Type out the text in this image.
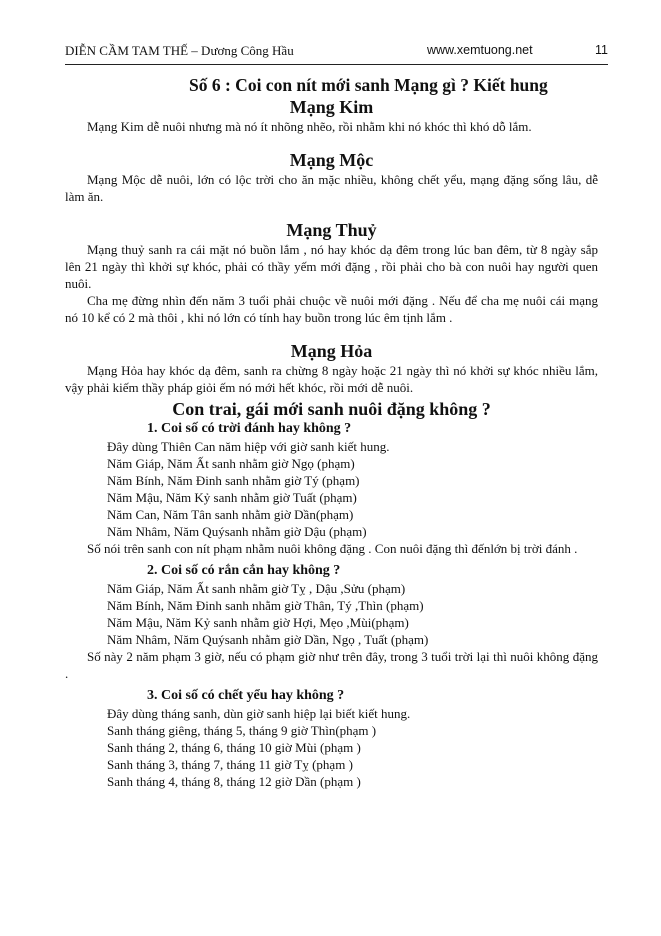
DIỄN CẦM TAM THẾ – Dương Công Hầu	www.xemtuong.net	11
Số 6 : Coi con nít mới sanh Mạng gì ? Kiết hung
Mạng Kim

Mạng Kim dễ nuôi nhưng mà nó ít nhõng nhẽo, rồi nhằm khi nó khóc thì khó dỗ lắm.

Mạng Mộc

Mạng Mộc dễ nuôi, lớn có lộc trời cho ăn mặc nhiều, không chết yểu, mạng đặng sống lâu, dễ làm ăn.

Mạng Thuỷ

Mạng thuỷ sanh ra cái mặt nó buồn lắm , nó hay khóc dạ đêm trong lúc ban đêm, từ 8 ngày sắp lên 21 ngày thì khởi sự khóc, phải có thầy yếm mới đặng , rồi phải cho bà con nuôi hay người quen nuôi.

Cha mẹ đừng nhìn đến năm 3 tuổi phải chuộc về nuôi mới đặng . Nếu để cha mẹ nuôi cái mạng nó 10 kể có 2 mà thôi , khi nó lớn có tính hay buồn trong lúc êm tịnh lắm .

Mạng Hỏa

Mạng Hỏa hay khóc dạ đêm, sanh ra chừng 8 ngày hoặc 21 ngày thì nó khởi sự khóc nhiều lắm, vậy phải kiếm thầy pháp giỏi ếm nó mới hết khóc, rồi mới dễ nuôi.

Con trai, gái mới sanh nuôi đặng không ?
1. Coi số có trời đánh hay không ?
Đây dùng Thiên Can năm hiệp với giờ sanh kiết hung.
Năm Giáp, Năm Ất sanh nhằm giờ Ngọ (phạm)
Năm Bính, Năm Đinh sanh nhằm giờ Tý (phạm)
Năm Mậu, Năm Kỷ sanh nhằm giờ Tuất (phạm)
Năm Can, Năm Tân sanh nhằm giờ Dần(phạm)
Năm Nhâm, Năm Quýsanh nhằm giờ Dậu (phạm)

Số nói trên sanh con nít phạm nhằm nuôi không đặng . Con nuôi đặng thì đếnlớn bị trời đánh .

2. Coi số có rắn cắn hay không ?
Năm Giáp, Năm Ất sanh nhằm giờ Tỵ , Dậu ,Sửu (phạm)
Năm Bính, Năm Đinh sanh nhằm giờ Thân, Tý ,Thìn (phạm)
Năm Mậu, Năm Kỷ sanh nhằm giờ Hợi, Mẹo ,Mùi(phạm)
Năm Nhâm, Năm Quýsanh nhằm giờ Dần, Ngọ , Tuất (phạm)

Số này 2 năm phạm 3 giờ, nếu có phạm giờ như trên đây, trong 3 tuổi trời lại thì nuôi không đặng .

3. Coi số có chết yểu hay không ?
Đây dùng tháng sanh, dùn giờ sanh hiệp lại biết kiết hung.
Sanh tháng giêng, tháng 5, tháng 9 giờ Thìn(phạm )
Sanh tháng 2, tháng 6, tháng 10 giờ Mùi (phạm )
Sanh tháng 3, tháng 7, tháng 11 giờ Tỵ (phạm )
Sanh tháng 4, tháng 8, tháng 12 giờ Dần (phạm )
